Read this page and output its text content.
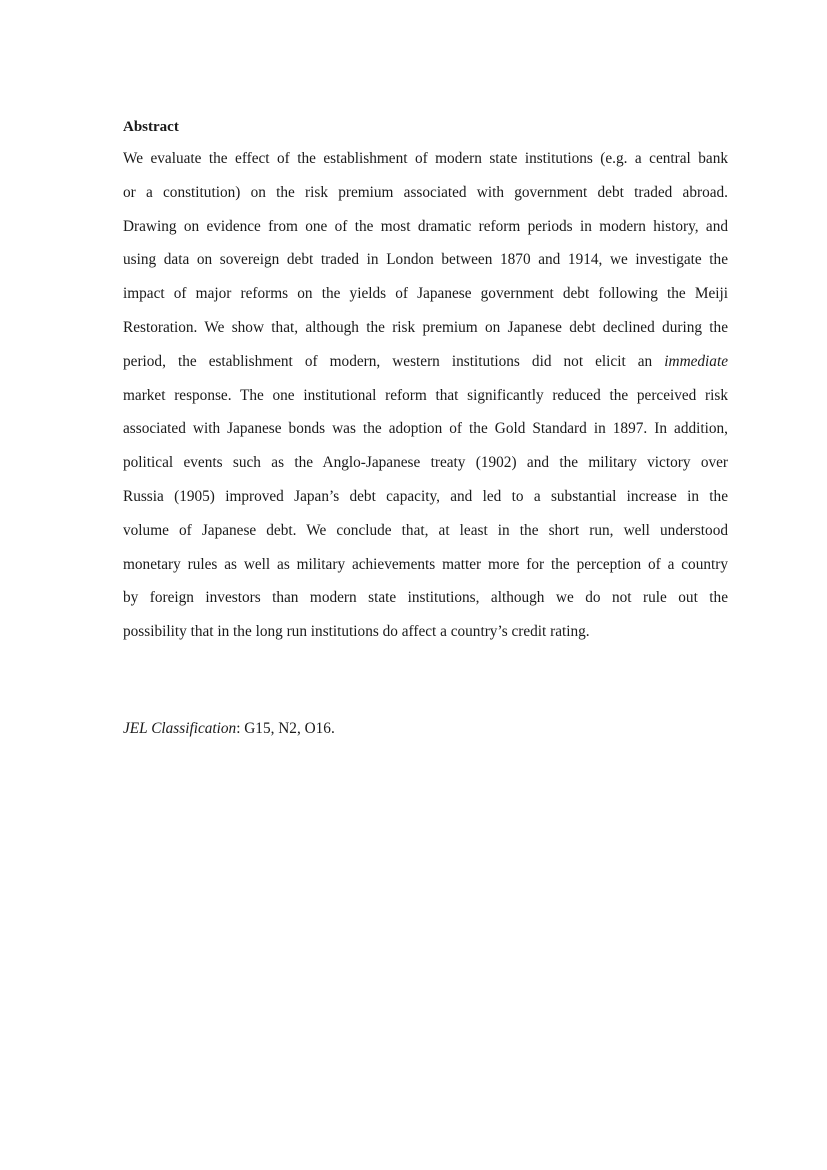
Abstract
We evaluate the effect of the establishment of modern state institutions (e.g. a central bank
or a constitution) on the risk premium associated with government debt traded abroad.
Drawing on evidence from one of the most dramatic reform periods in modern history, and
using data on sovereign debt traded in London between 1870 and 1914, we investigate the
impact of major reforms on the yields of Japanese government debt following the Meiji
Restoration. We show that, although the risk premium on Japanese debt declined during the
period, the establishment of modern, western institutions did not elicit an immediate
market response. The one institutional reform that significantly reduced the perceived risk
associated with Japanese bonds was the adoption of the Gold Standard in 1897. In addition,
political events such as the Anglo-Japanese treaty (1902) and the military victory over
Russia (1905) improved Japan’s debt capacity, and led to a substantial increase in the
volume of Japanese debt. We conclude that, at least in the short run, well understood
monetary rules as well as military achievements matter more for the perception of a country
by foreign investors than modern state institutions, although we do not rule out the
possibility that in the long run institutions do affect a country’s credit rating.

JEL Classification: G15, N2, O16.
